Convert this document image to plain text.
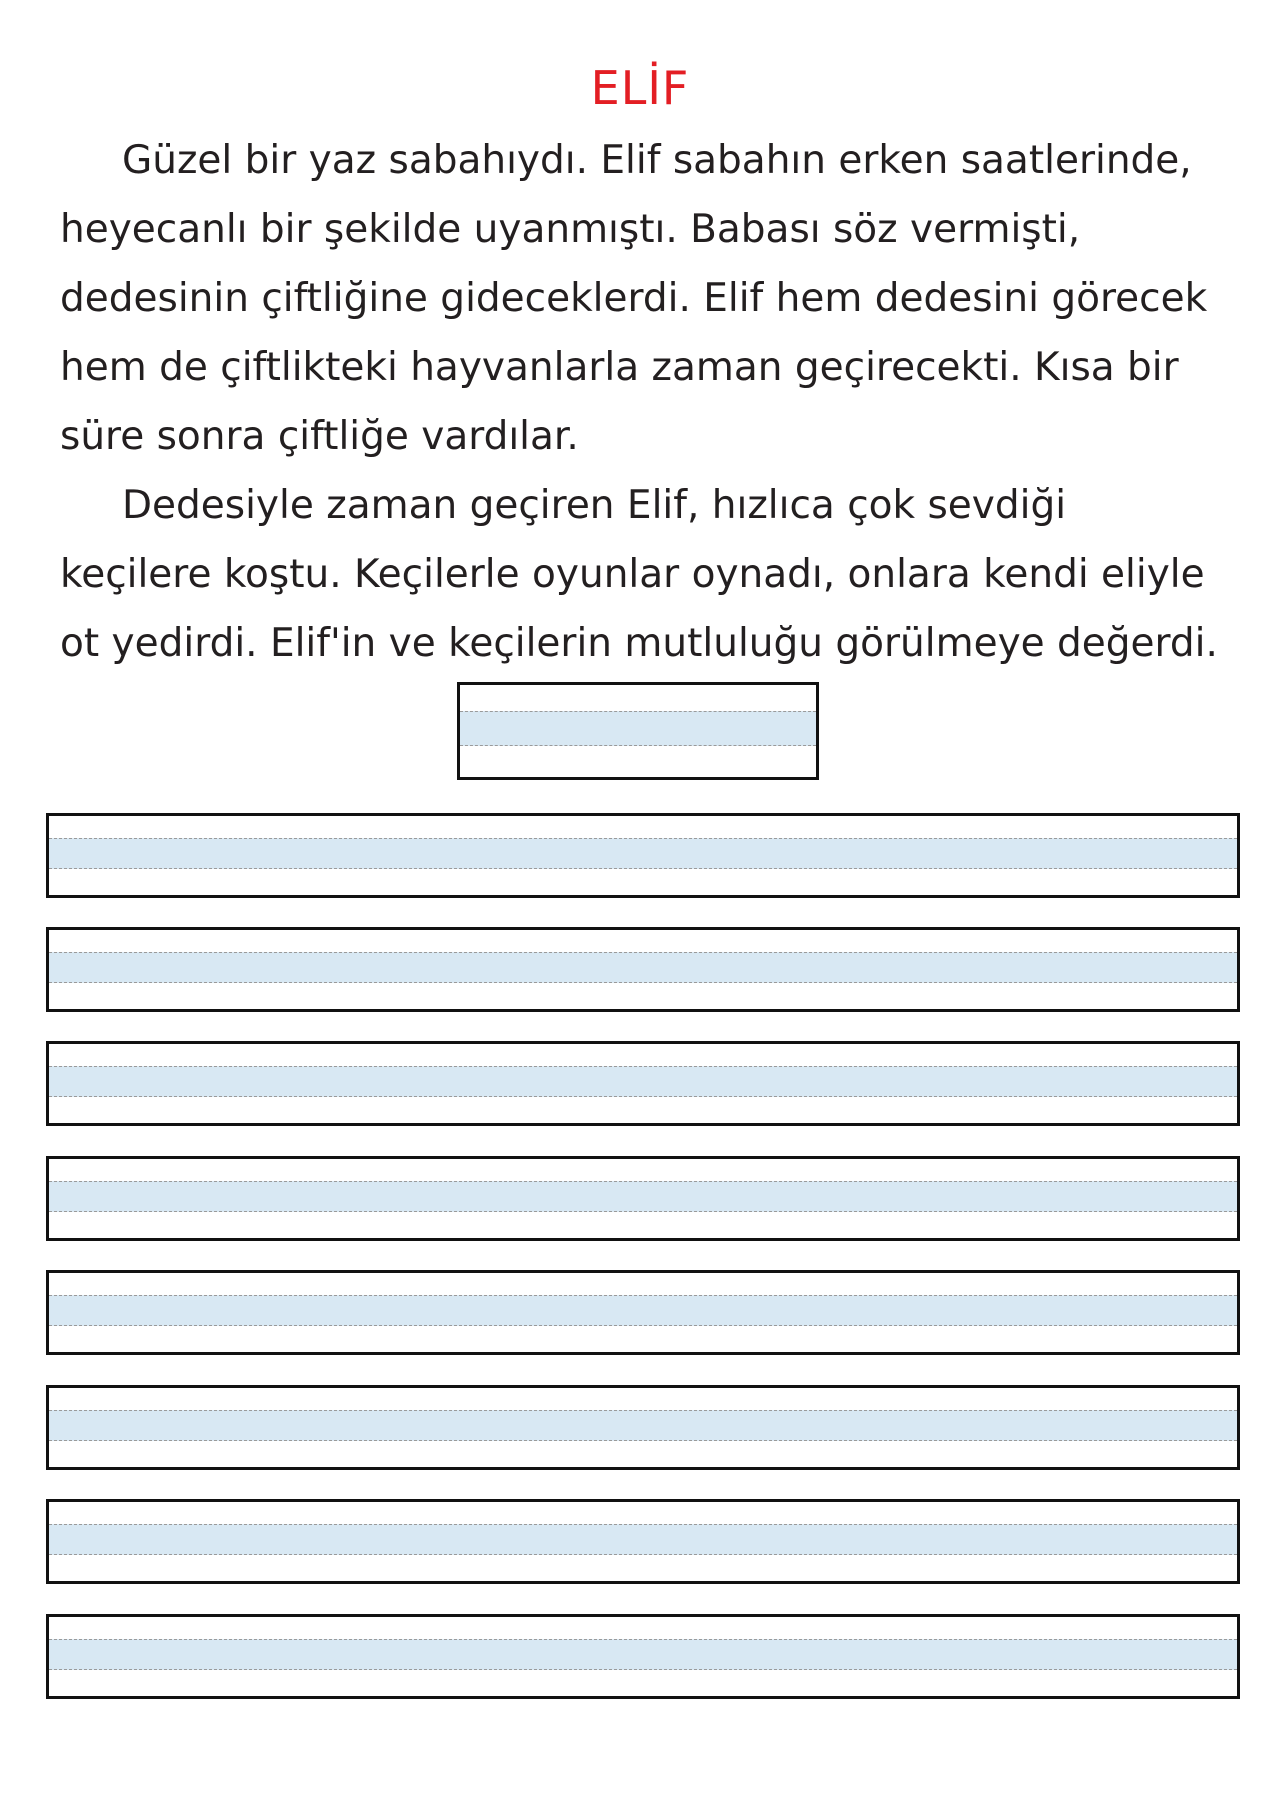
ELİF
Güzel bir yaz sabahıydı. Elif sabahın erken saatlerinde,
heyecanlı bir şekilde uyanmıştı. Babası söz vermişti,
dedesinin çiftliğine gideceklerdi. Elif hem dedesini görecek
hem de çiftlikteki hayvanlarla zaman geçirecekti. Kısa bir
süre sonra çiftliğe vardılar.
Dedesiyle zaman geçiren Elif, hızlıca çok sevdiği
keçilere koştu. Keçilerle oyunlar oynadı, onlara kendi eliyle
ot yedirdi. Elif'in ve keçilerin mutluluğu görülmeye değerdi.
